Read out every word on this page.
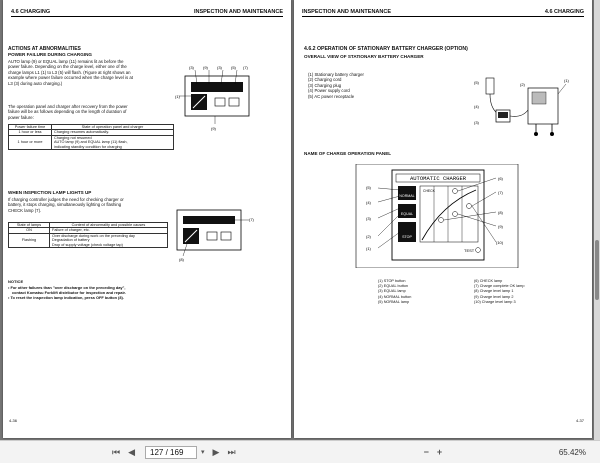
4.6 CHARGING	INSPECTION AND MAINTENANCE
ACTIONS AT ABNORMALITIES
POWER FAILURE DURING CHARGING
AUTO lamp (9) or EQUAL lamp (11) remains lit as before the
power failure. Depending on the charge level, either one of the
charge lamps L1 (1) to L3 (5) will flash. (Figure at right shows an
example where power failure occurred when the charge level is at
L3 (3) during auto charging.)
The operation panel and charger after recovery from the power
failure will be as follows depending on the length of duration of
power failure:
Power failure time	State of operation panel and charger
1 hour or less	Charging resumes automatically.
1 hour or more	Charging not resumed
AUTO lamp (9) and EQUAL lamp (11) flash,
indicating standby condition for charging
(3) (9) (3) (5) (7)
(1)
(9)
WHEN INSPECTION LAMP LIGHTS UP
If charging controller judges the need for checking charger or
battery, it stops charging, simultaneously lighting or flashing
CHECK lamp (7).
State of lamps	Content of abnormality and possible causes
ON	Failure of charger, etc.
Flashing	Over discharge during work on the preceding day
Degradation of battery
Drop of supply voltage (check voltage tap)
(7)
(8)
NOTICE
• For other failures than "over discharge on the preceding day",
contact Komatsu Forklift distributor for inspection and repair.
• To reset the inspection lamp indication, press OFF button (8).
4-36
INSPECTION AND MAINTENANCE	4.6 CHARGING
4.6.2 OPERATION OF STATIONARY BATTERY CHARGER (OPTION)
OVERALL VIEW OF STATIONARY BATTERY CHARGER
(1) Stationary battery charger
(2) Charging cord
(3) Charging plug
(4) Power supply cord
(5) AC power receptacle
(5)
(4)
(3)
(2)
(1)
NAME OF CHARGE OPERATION PANEL
AUTOMATIC CHARGER
NORMAL
EQUAL
STOP
CHECK
TEST
(5)
(4)
(3)
(2)
(1)
(6)
(7)
(8)
(9)
(10)
(1) STOP button
(2) EQUAL button
(3) EQUAL lamp
(4) NORMAL button
(5) NORMAL lamp
(6) CHECK lamp
(7) Charge complete OK lamp
(8) Charge level lamp 1
(9) Charge level lamp 2
(10) Charge level lamp 3
4-37
⏮ ◀	127 / 169	▾ ▶ ⏭	− +	65.42%
